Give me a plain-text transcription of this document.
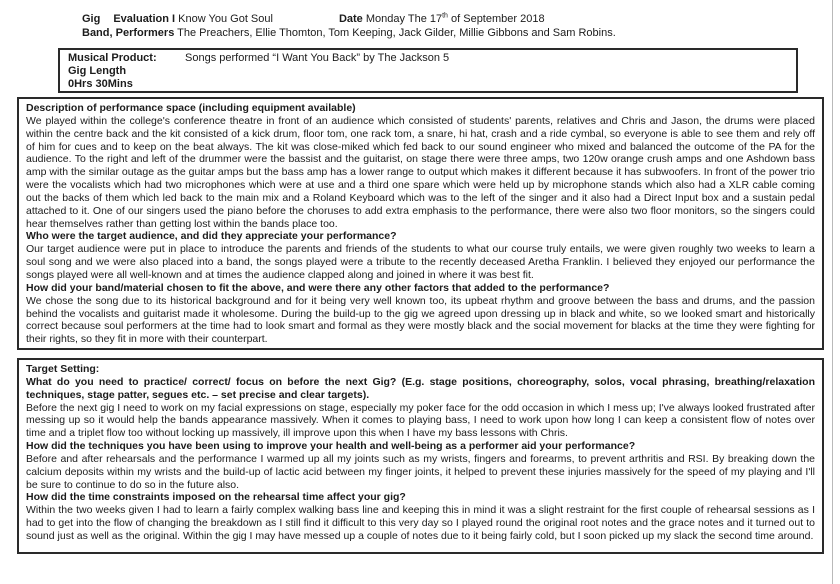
Gig Evaluation I Know You Got Soul	Date Monday The 17th of September 2018
Band, Performers The Preachers, Ellie Thomton, Tom Keeping, Jack Gilder, Millie Gibbons and Sam Robins.
Musical Product:	Songs performed “I Want You Back” by The Jackson 5
Gig Length
0Hrs 30Mins
Description of performance space (including equipment available)
We played within the college's conference theatre in front of an audience which consisted of students' parents, relatives and Chris and Jason, the drums were placed within the centre back and the kit consisted of a kick drum, floor tom, one rack tom, a snare, hi hat, crash and a ride cymbal, so everyone is able to see them and rely off of him for cues and to keep on the beat always. The kit was close-miked which fed back to our sound engineer who mixed and balanced the outcome of the PA for the audience. To the right and left of the drummer were the bassist and the guitarist, on stage there were three amps, two 120w orange crush amps and one Ashdown bass amp with the similar outage as the guitar amps but the bass amp has a lower range to output which makes it different because it has subwoofers. In front of the power trio were the vocalists which had two microphones which were at use and a third one spare which were held up by microphone stands which also had a XLR cable coming out the backs of them which led back to the main mix and a Roland Keyboard which was to the left of the singer and it also had a Direct Input box and a sustain pedal attached to it. One of our singers used the piano before the choruses to add extra emphasis to the performance, there were also two floor monitors, so the singers could hear themselves rather than getting lost within the bands place too.
Who were the target audience, and did they appreciate your performance?
Our target audience were put in place to introduce the parents and friends of the students to what our course truly entails, we were given roughly two weeks to learn a soul song and we were also placed into a band, the songs played were a tribute to the recently deceased Aretha Franklin. I believed they enjoyed our performance the songs played were all well-known and at times the audience clapped along and joined in where it was best fit.
How did your band/material chosen to fit the above, and were there any other factors that added to the performance?
We chose the song due to its historical background and for it being very well known too, its upbeat rhythm and groove between the bass and drums, and the passion behind the vocalists and guitarist made it wholesome. During the build-up to the gig we agreed upon dressing up in black and white, so we looked smart and historically correct because soul performers at the time had to look smart and formal as they were mostly black and the social movement for blacks at the time they were fighting for their rights, so they fit in more with their counterpart.
Target Setting:
What do you need to practice/ correct/ focus on before the next Gig? (E.g. stage positions, choreography, solos, vocal phrasing, breathing/relaxation techniques, stage patter, segues etc. – set precise and clear targets).
Before the next gig I need to work on my facial expressions on stage, especially my poker face for the odd occasion in which I mess up; I've always looked frustrated after messing up so it would help the bands appearance massively. When it comes to playing bass, I need to work upon how long I can keep a consistent flow of notes over time and a triplet flow too without locking up massively, ill improve upon this when I have my bass lessons with Chris.
How did the techniques you have been using to improve your health and well-being as a performer aid your performance?
Before and after rehearsals and the performance I warmed up all my joints such as my wrists, fingers and forearms, to prevent arthritis and RSI. By breaking down the calcium deposits within my wrists and the build-up of lactic acid between my finger joints, it helped to prevent these injuries massively for the speed of my playing and I'll be sure to continue to do so in the future also.
How did the time constraints imposed on the rehearsal time affect your gig?
Within the two weeks given I had to learn a fairly complex walking bass line and keeping this in mind it was a slight restraint for the first couple of rehearsal sessions as I had to get into the flow of changing the breakdown as I still find it difficult to this very day so I played round the original root notes and the grace notes and it turned out to sound just as well as the original. Within the gig I may have messed up a couple of notes due to it being fairly cold, but I soon picked up my slack the second time around.
